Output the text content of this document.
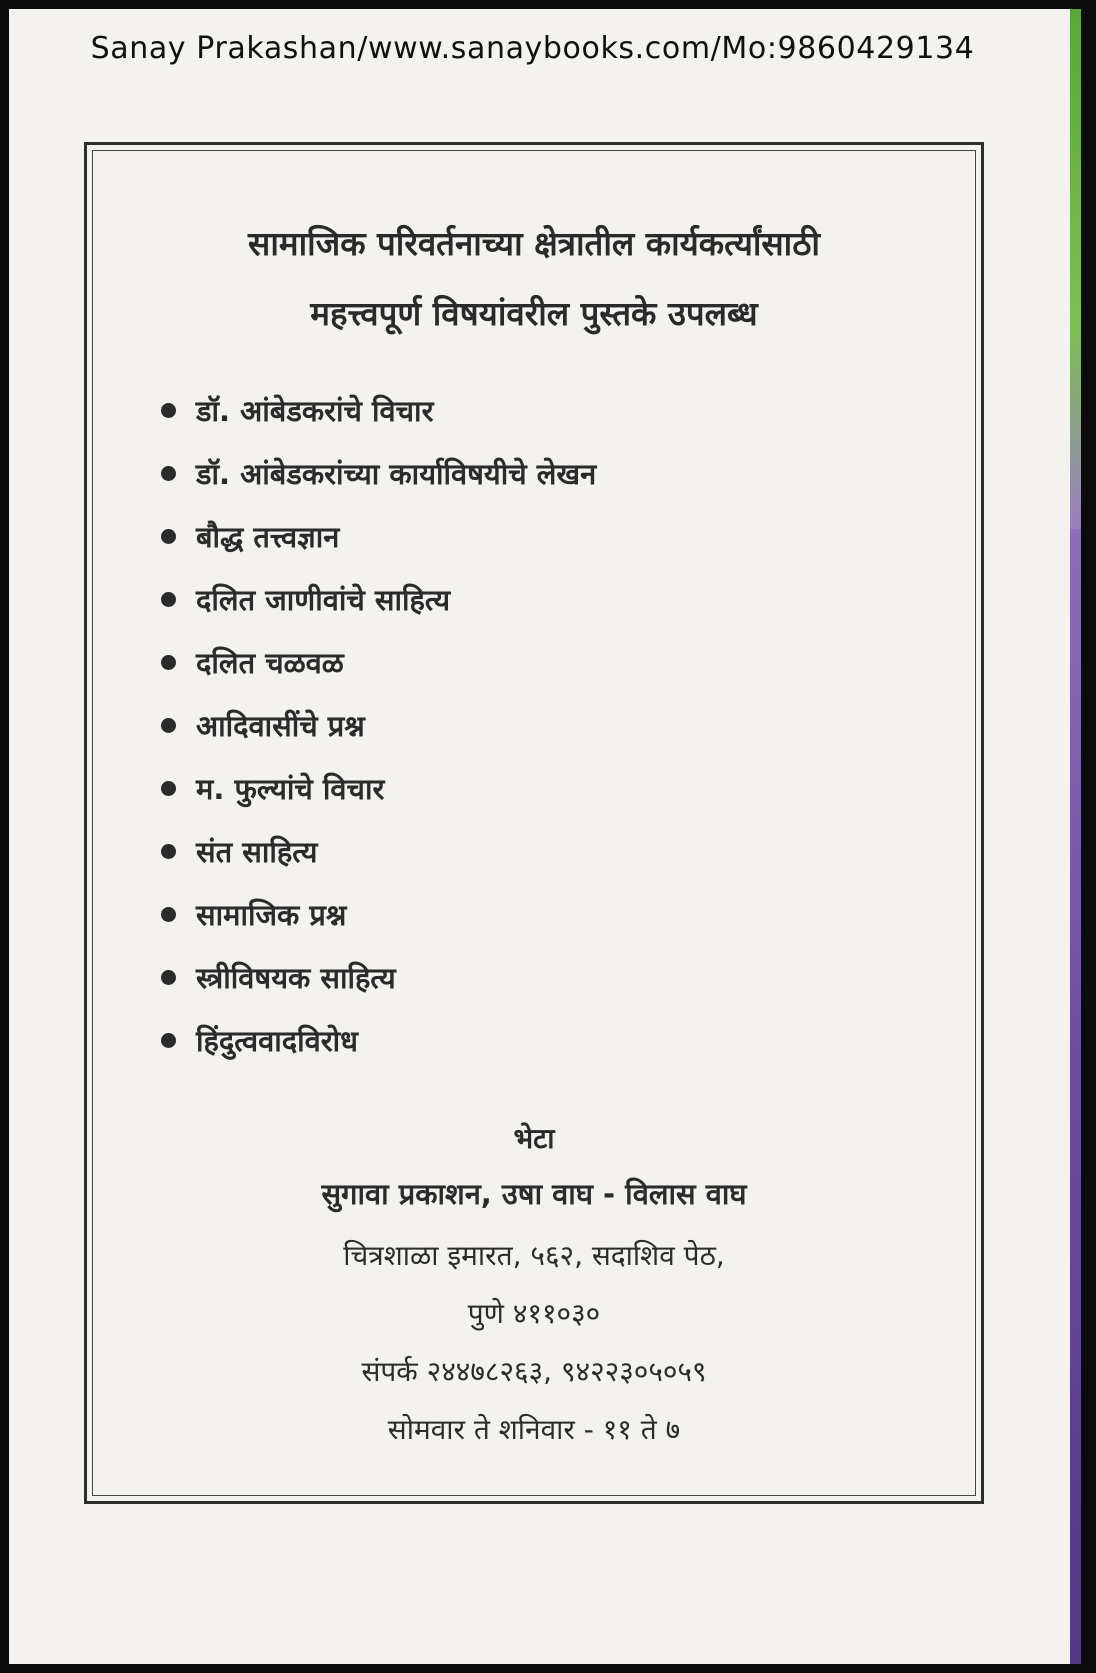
Sanay Prakashan/www.sanaybooks.com/Mo:9860429134
सामाजिक परिवर्तनाच्या क्षेत्रातील कार्यकर्त्यांसाठी
महत्त्वपूर्ण विषयांवरील पुस्तके उपलब्ध
डॉ. आंबेडकरांचे विचार
डॉ. आंबेडकरांच्या कार्याविषयीचे लेखन
बौद्ध तत्त्वज्ञान
दलित जाणीवांचे साहित्य
दलित चळवळ
आदिवासींचे प्रश्न
म. फुल्यांचे विचार
संत साहित्य
सामाजिक प्रश्न
स्त्रीविषयक साहित्य
हिंदुत्ववादविरोध
भेटा
सुगावा प्रकाशन, उषा वाघ - विलास वाघ
चित्रशाळा इमारत, ५६२, सदाशिव पेठ,
पुणे ४११०३०
संपर्क २४४७८२६३, ९४२२३०५०५९
सोमवार ते शनिवार - ११ ते ७
